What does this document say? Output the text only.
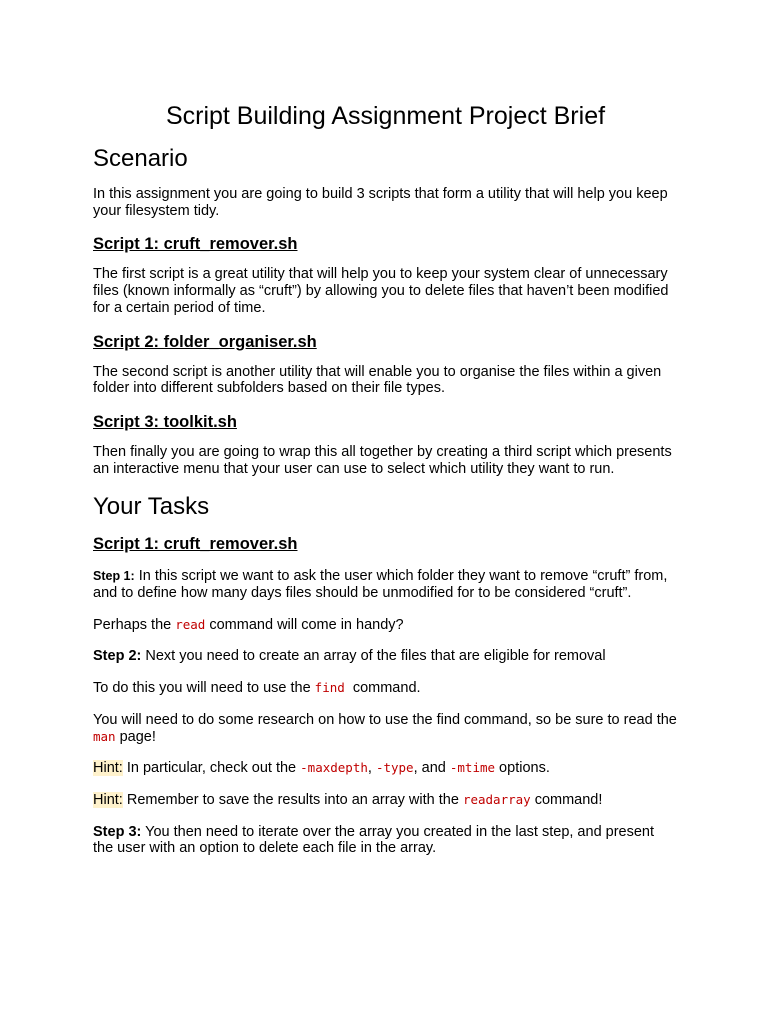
Script Building Assignment Project Brief
Scenario

In this assignment you are going to build 3 scripts that form a utility that will help you keep your filesystem tidy.

Script 1: cruft_remover.sh

The first script is a great utility that will help you to keep your system clear of unnecessary files (known informally as “cruft”) by allowing you to delete files that haven’t been modified for a certain period of time.

Script 2: folder_organiser.sh

The second script is another utility that will enable you to organise the files within a given folder into different subfolders based on their file types.

Script 3: toolkit.sh

Then finally you are going to wrap this all together by creating a third script which presents an interactive menu that your user can use to select which utility they want to run.

Your Tasks
Script 1: cruft_remover.sh

Step 1: In this script we want to ask the user which folder they want to remove “cruft” from, and to define how many days files should be unmodified for to be considered “cruft”.

Perhaps the read command will come in handy?

Step 2: Next you need to create an array of the files that are eligible for removal

To do this you will need to use the find  command.

You will need to do some research on how to use the find command, so be sure to read the man page!

Hint: In particular, check out the -maxdepth, -type, and -mtime options.

Hint: Remember to save the results into an array with the readarray command!

Step 3: You then need to iterate over the array you created in the last step, and present the user with an option to delete each file in the array.
